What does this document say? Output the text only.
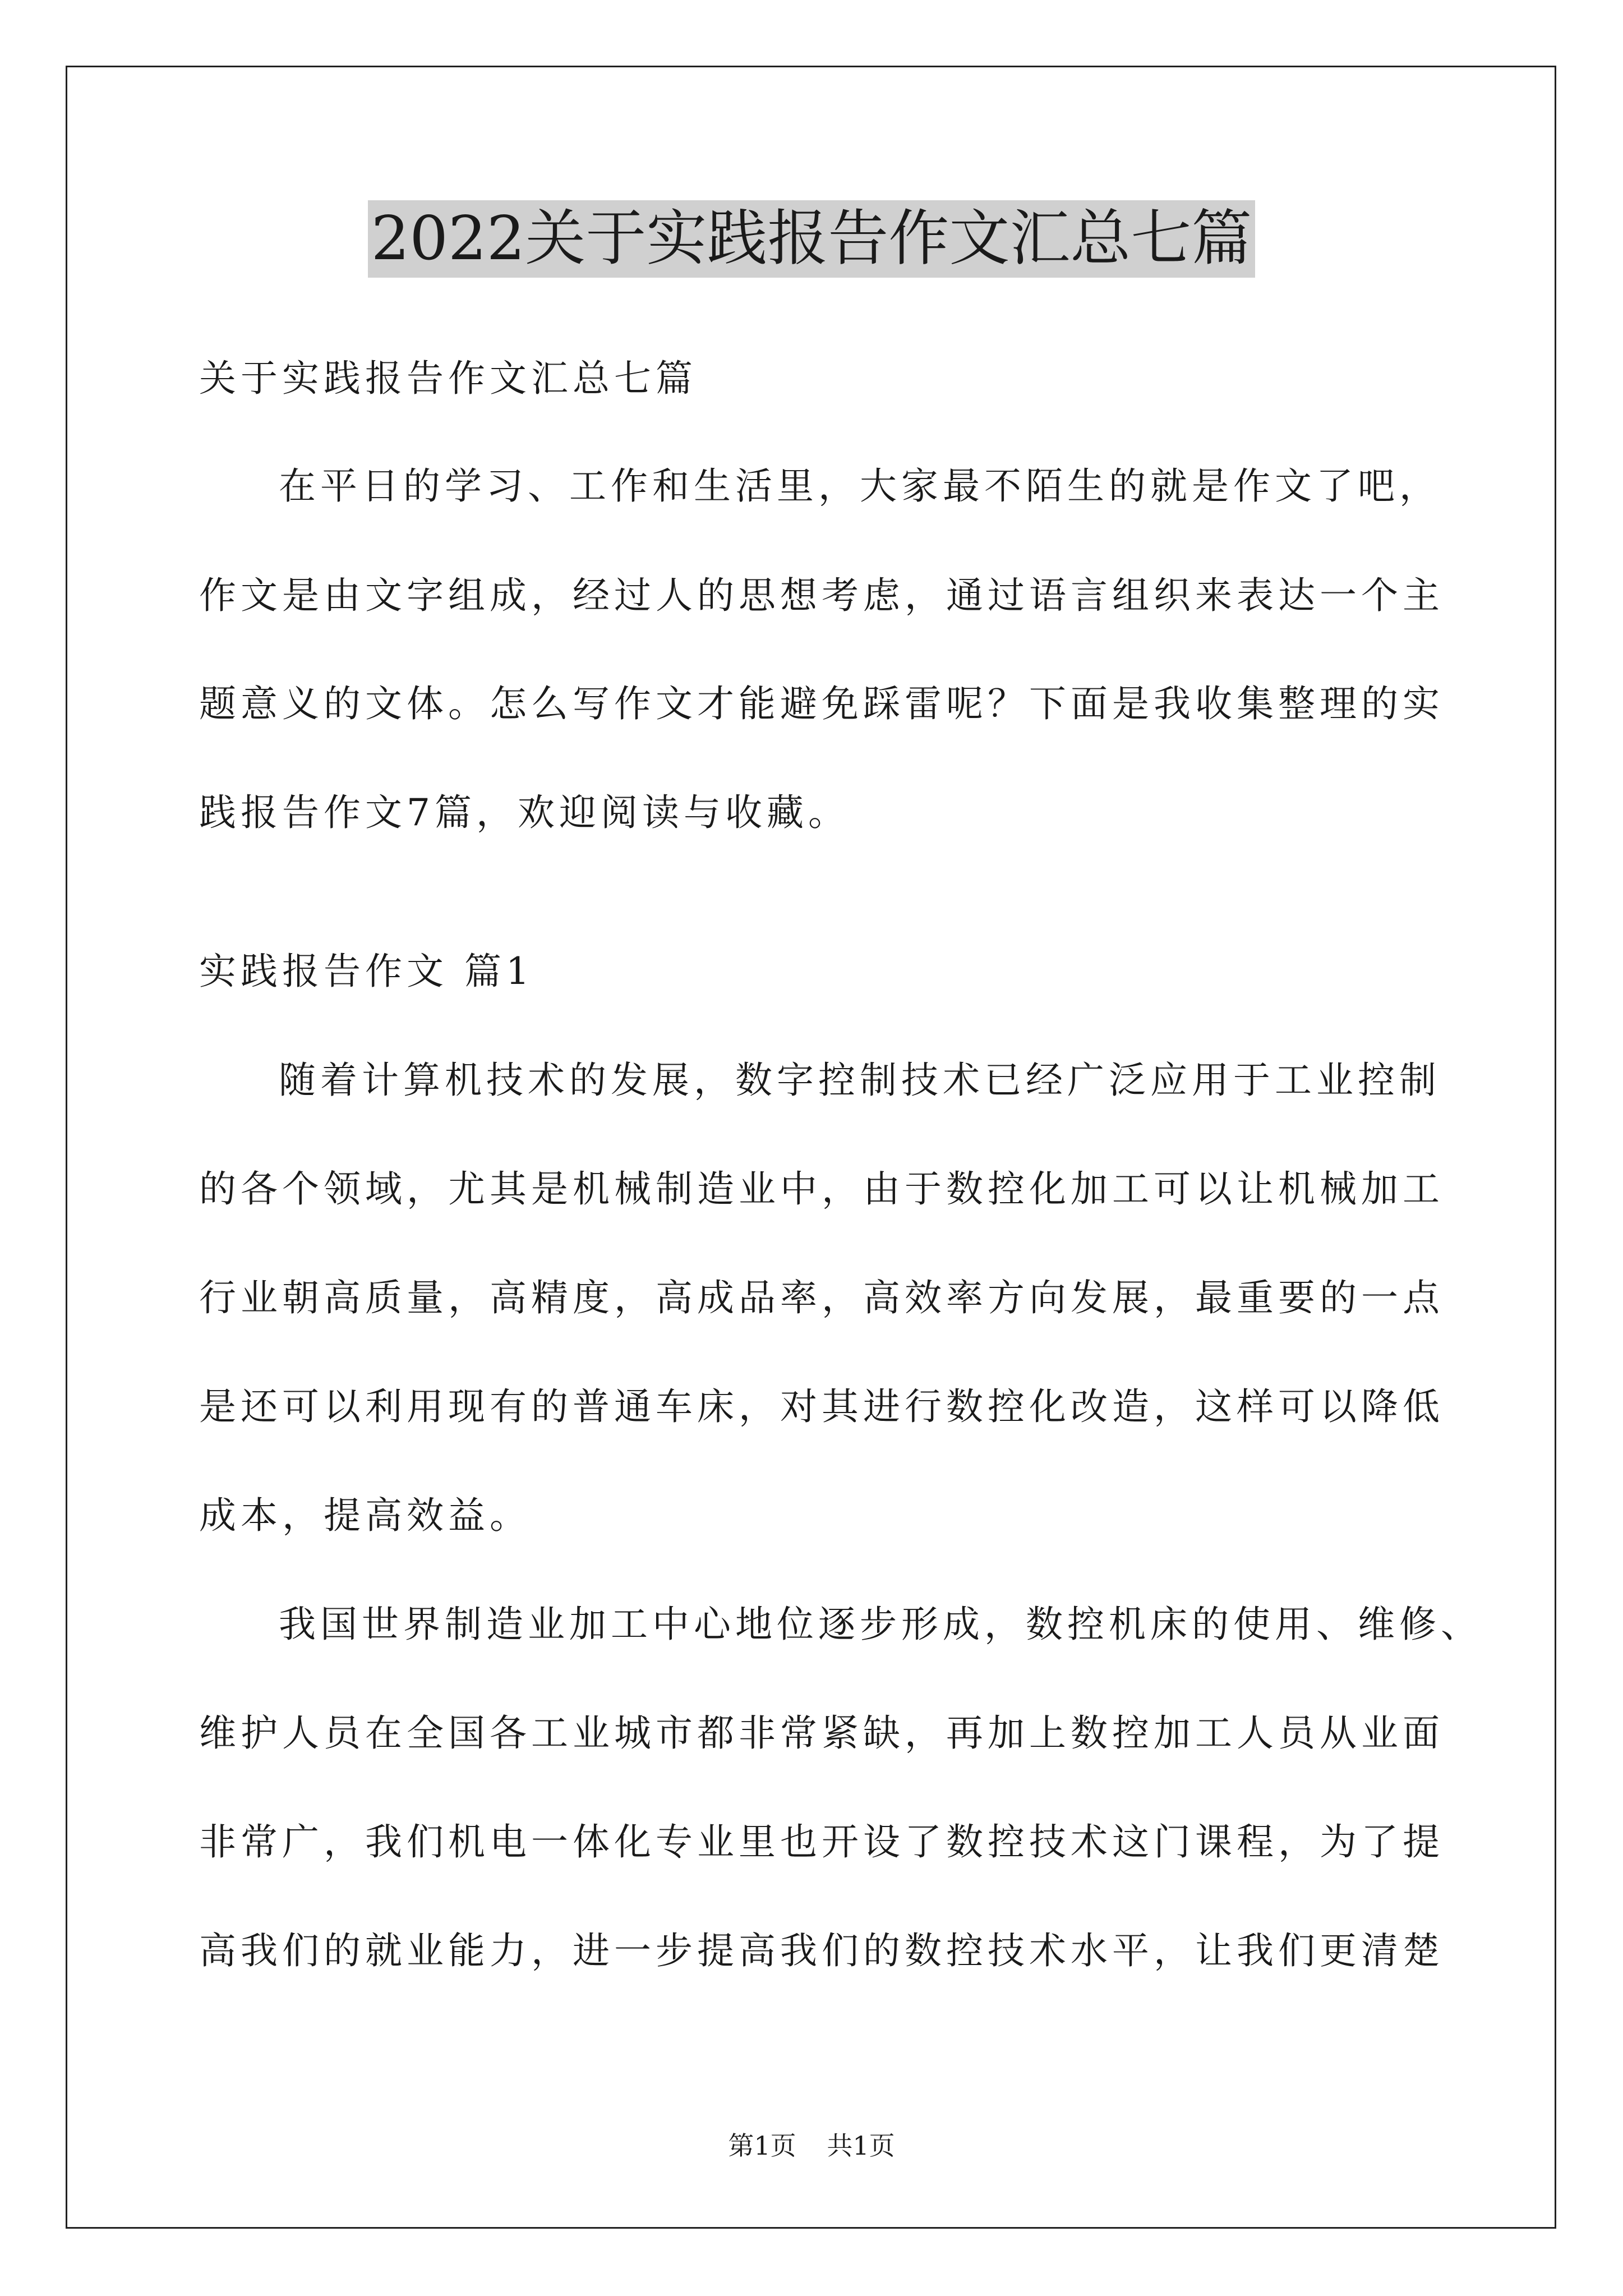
2022关于实践报告作文汇总七篇
关于实践报告作文汇总七篇
在平日的学习、工作和生活里，大家最不陌生的就是作文了吧，
作文是由文字组成，经过人的思想考虑，通过语言组织来表达一个主
题意义的文体。怎么写作文才能避免踩雷呢？下面是我收集整理的实
践报告作文7篇，欢迎阅读与收藏。
实践报告作文 篇1
随着计算机技术的发展，数字控制技术已经广泛应用于工业控制
的各个领域，尤其是机械制造业中，由于数控化加工可以让机械加工
行业朝高质量，高精度，高成品率，高效率方向发展，最重要的一点
是还可以利用现有的普通车床，对其进行数控化改造，这样可以降低
成本，提高效益。
我国世界制造业加工中心地位逐步形成，数控机床的使用、维修、
维护人员在全国各工业城市都非常紧缺，再加上数控加工人员从业面
非常广，我们机电一体化专业里也开设了数控技术这门课程，为了提
高我们的就业能力，进一步提高我们的数控技术水平，让我们更清楚
第1页 共1页
